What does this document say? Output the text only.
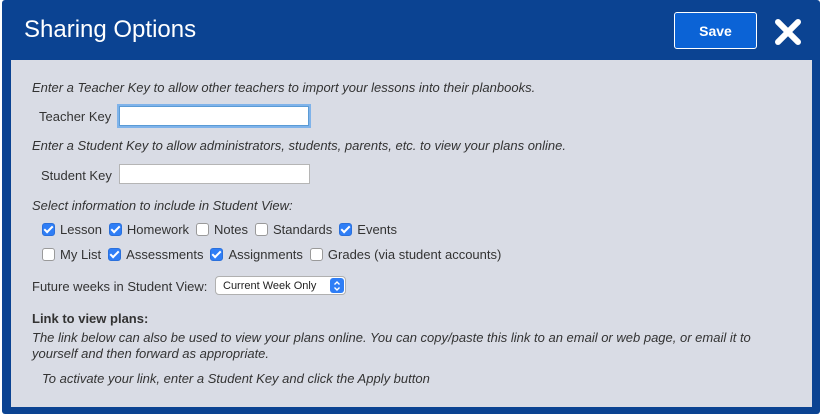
Sharing Options	Save
Enter a Teacher Key to allow other teachers to import your lessons into their planbooks.
Teacher Key
Enter a Student Key to allow administrators, students, parents, etc. to view your plans online.
Student Key
Select information to include in Student View:
Lesson Homework Notes Standards Events
My List Assessments Assignments Grades (via student accounts)
Future weeks in Student View: Current Week Only
Link to view plans:
The link below can also be used to view your plans online. You can copy/paste this link to an email or web page, or email it to
yourself and then forward as appropriate.
To activate your link, enter a Student Key and click the Apply button
